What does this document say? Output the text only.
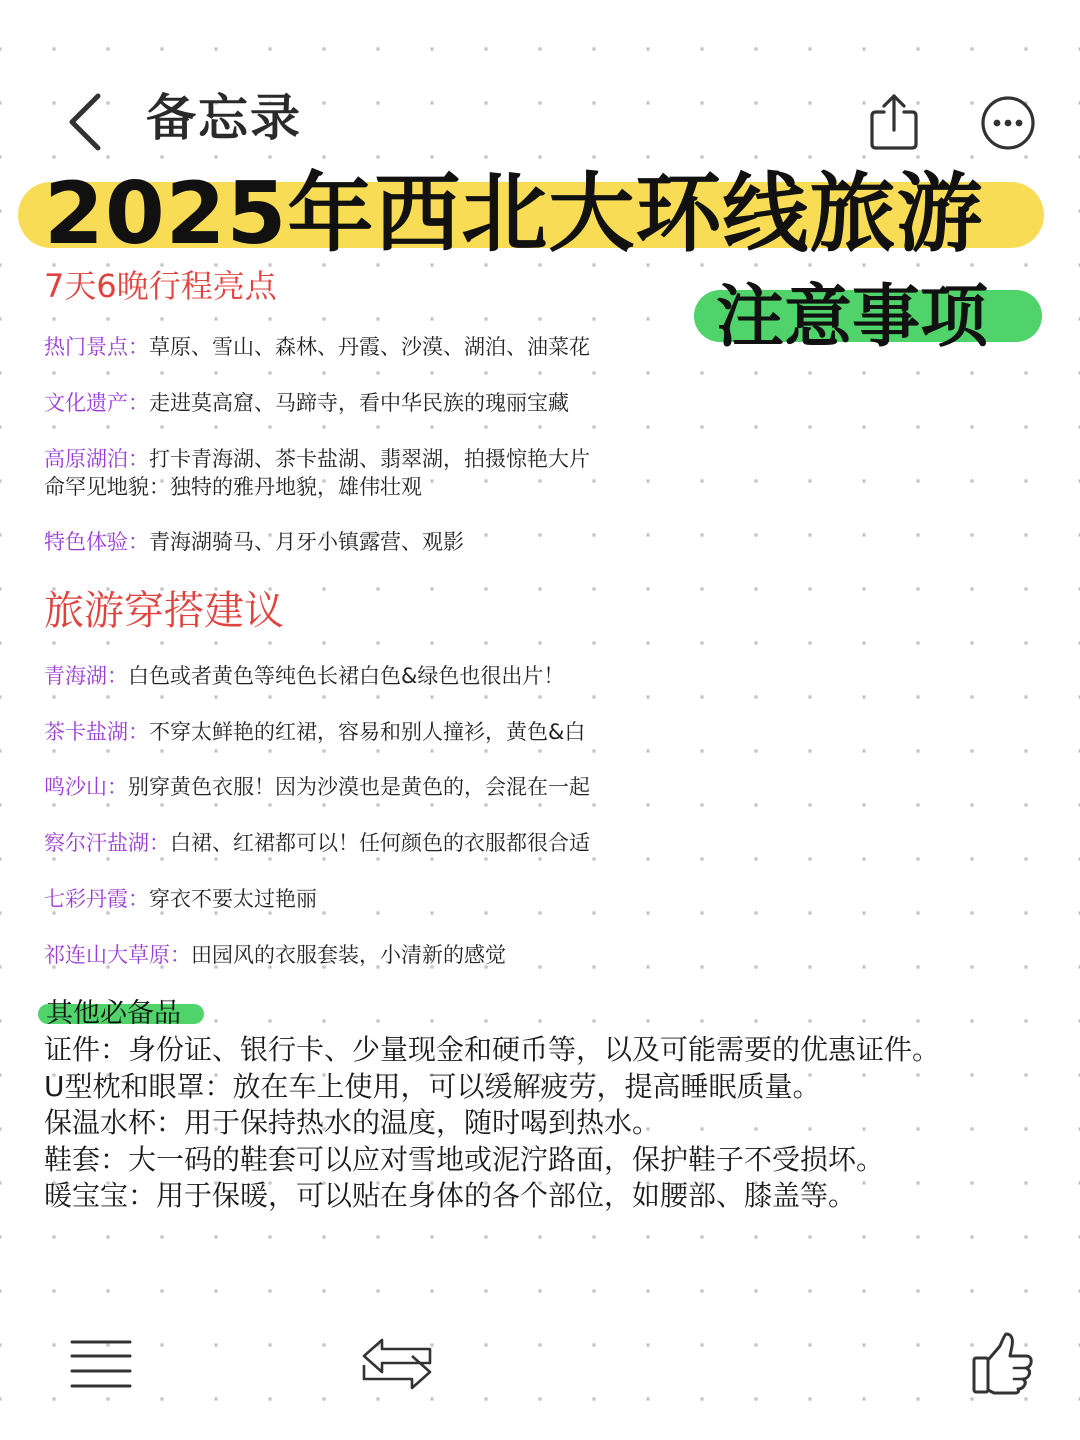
备忘录
2025年西北大环线旅游
7天6晚行程亮点	注意事项
热门景点：草原、雪山、森林、丹霞、沙漠、湖泊、油菜花
文化遗产：走进莫高窟、马蹄寺，看中华民族的瑰丽宝藏
高原湖泊：打卡青海湖、茶卡盐湖、翡翠湖，拍摄惊艳大片
命罕见地貌：独特的雅丹地貌，雄伟壮观
特色体验：青海湖骑马、月牙小镇露营、观影
旅游穿搭建议
青海湖：白色或者黄色等纯色长裙白色&绿色也很出片！
茶卡盐湖：不穿太鲜艳的红裙，容易和别人撞衫，黄色&白
鸣沙山：别穿黄色衣服！因为沙漠也是黄色的，会混在一起
察尔汗盐湖：白裙、红裙都可以！任何颜色的衣服都很合适
七彩丹霞：穿衣不要太过艳丽
祁连山大草原：田园风的衣服套装，小清新的感觉
其他必备品

证件：身份证、银行卡、少量现金和硬币等，以及可能需要的优惠证件。

U型枕和眼罩：放在车上使用，可以缓解疲劳，提高睡眠质量。

保温水杯：用于保持热水的温度，随时喝到热水。

鞋套：大一码的鞋套可以应对雪地或泥泞路面，保护鞋子不受损坏。

暖宝宝：用于保暖，可以贴在身体的各个部位，如腰部、膝盖等。
